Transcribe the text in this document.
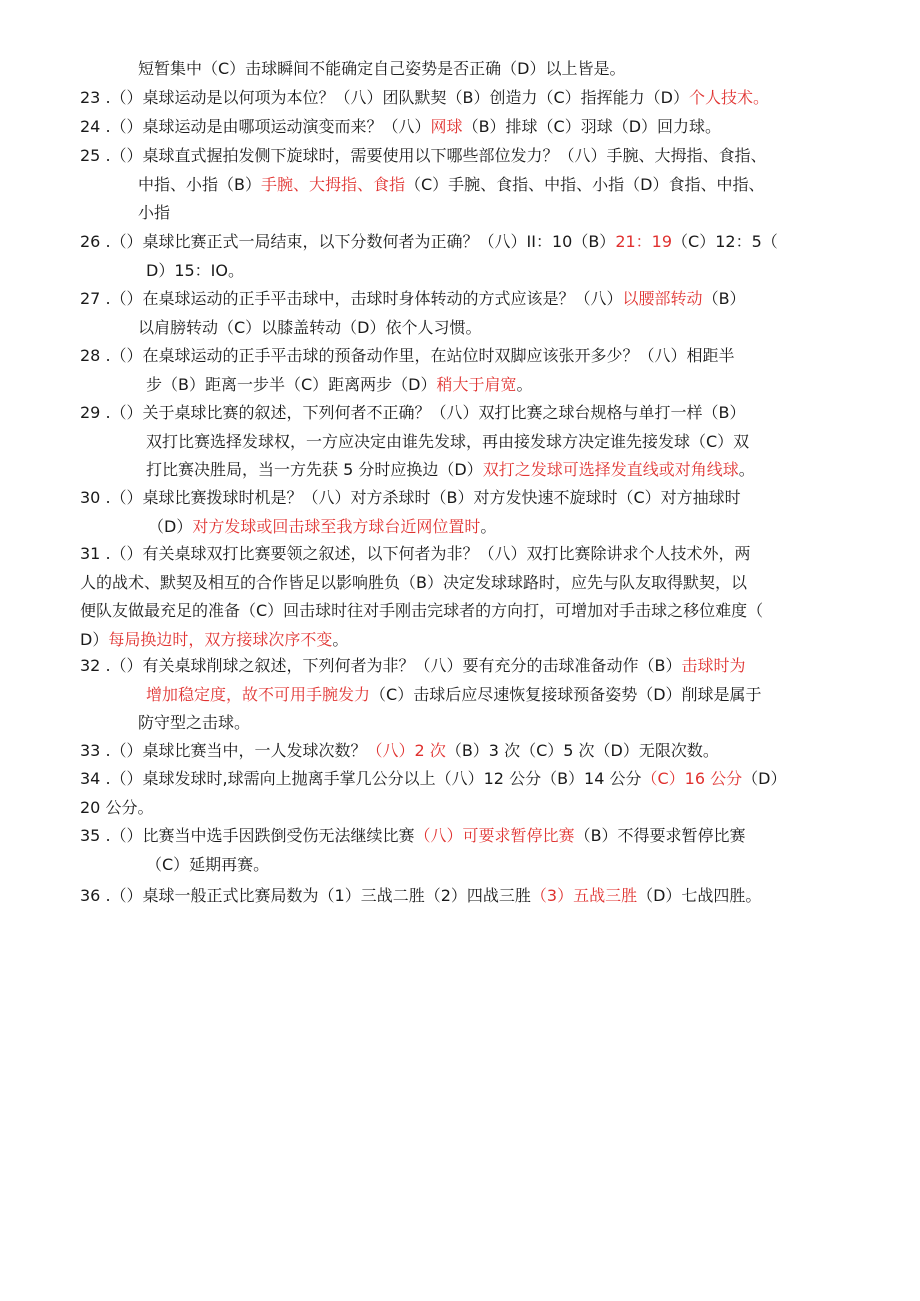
短暂集中（C）击球瞬间不能确定自己姿势是否正确（D）以上皆是。
23 .（）桌球运动是以何项为本位？（八）团队默契（B）创造力（C）指挥能力（D）个人技术。
24 .（）桌球运动是由哪项运动演变而来？（八）网球（B）排球（C）羽球（D）回力球。
25 .（）桌球直式握拍发侧下旋球时，需要使用以下哪些部位发力？（八）手腕、大拇指、食指、
中指、小指（B）手腕、大拇指、食指（C）手腕、食指、中指、小指（D）食指、中指、
小指
26 .（）桌球比赛正式一局结束，以下分数何者为正确？（八）II：10（B）21：19（C）12：5（
D）15：IO。
27 .（）在桌球运动的正手平击球中，击球时身体转动的方式应该是？（八）以腰部转动（B）
以肩膀转动（C）以膝盖转动（D）依个人习惯。
28 .（）在桌球运动的正手平击球的预备动作里，在站位时双脚应该张开多少？（八）相距半
步（B）距离一步半（C）距离两步（D）稍大于肩宽。
29 .（）关于桌球比赛的叙述，下列何者不正确？（八）双打比赛之球台规格与单打一样（B）
双打比赛选择发球权，一方应决定由谁先发球，再由接发球方决定谁先接发球（C）双
打比赛决胜局，当一方先获 5 分时应换边（D）双打之发球可选择发直线或对角线球。
30 .（）桌球比赛拨球时机是？（八）对方杀球时（B）对方发快速不旋球时（C）对方抽球时
（D）对方发球或回击球至我方球台近网位置时。
31 .（）有关桌球双打比赛要领之叙述，以下何者为非？（八）双打比赛除讲求个人技术外，两
人的战术、默契及相互的合作皆足以影响胜负（B）决定发球球路时，应先与队友取得默契，以
便队友做最充足的准备（C）回击球时往对手刚击完球者的方向打，可增加对手击球之移位难度（
D）每局换边时，双方接球次序不变。
32 .（）有关桌球削球之叙述，下列何者为非？（八）要有充分的击球准备动作（B）击球时为
增加稳定度，故不可用手腕发力（C）击球后应尽速恢复接球预备姿势（D）削球是属于
防守型之击球。
33 .（）桌球比赛当中，一人发球次数？（八）2 次（B）3 次（C）5 次（D）无限次数。
34 .（）桌球发球时,球需向上抛离手掌几公分以上（八）12 公分（B）14 公分（C）16 公分（D）
20 公分。
35 .（）比赛当中选手因跌倒受伤无法继续比赛（八）可要求暂停比赛（B）不得要求暂停比赛
（C）延期再赛。
36 .（）桌球一般正式比赛局数为（1）三战二胜（2）四战三胜（3）五战三胜（D）七战四胜。
